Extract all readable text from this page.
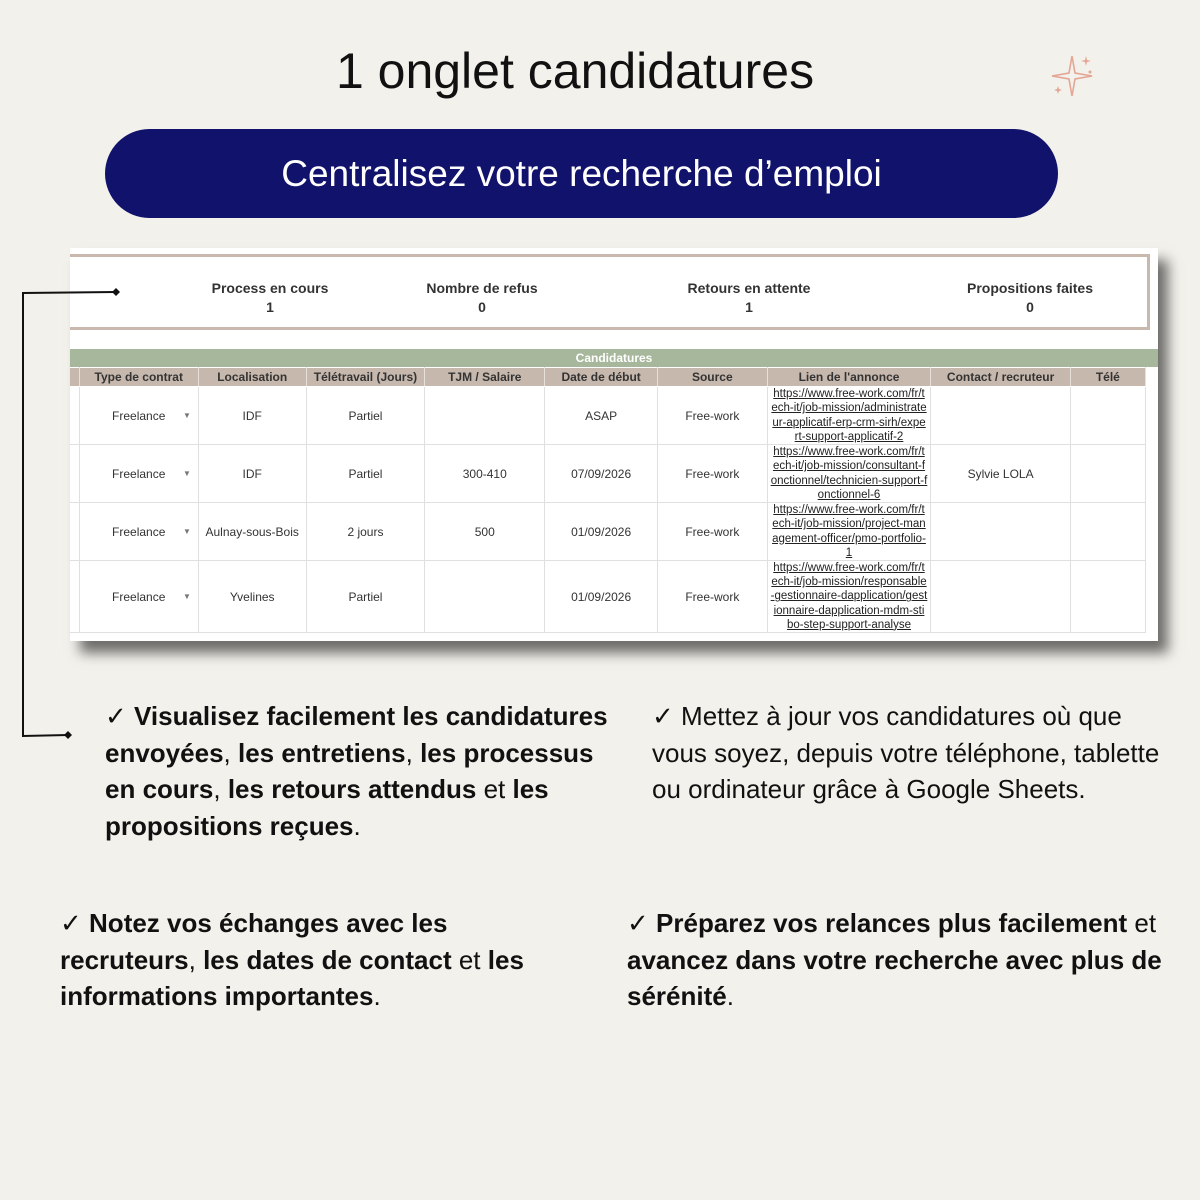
1 onglet candidatures
Centralisez votre recherche d’emploi
Process en cours
1
Nombre de refus
0
Retours en attente
1
Propositions faites
0
Candidatures
	Type de contrat	Localisation	Télétravail (Jours)	TJM / Salaire	Date de début	Source	Lien de l'annonce	Contact / recruteur	Télé

	Freelance ▼	IDF	Partiel		ASAP	Free-work	https://www.free-work.com/fr/tech-it/job-mission/administrateur-applicatif-erp-crm-sirh/expert-support-applicatif-2		

	Freelance ▼	IDF	Partiel	300-410	07/09/2026	Free-work	https://www.free-work.com/fr/tech-it/job-mission/consultant-fonctionnel/technicien-support-fonctionnel-6	Sylvie LOLA	

	Freelance ▼	Aulnay-sous-Bois	2 jours	500	01/09/2026	Free-work	https://www.free-work.com/fr/tech-it/job-mission/project-management-officer/pmo-portfolio-1		

	Freelance ▼	Yvelines	Partiel		01/09/2026	Free-work	https://www.free-work.com/fr/tech-it/job-mission/responsable-gestionnaire-dapplication/gestionnaire-dapplication-mdm-stibo-step-support-analyse		
✓ Visualisez facilement les candidatures envoyées, les entretiens, les processus en cours, les retours attendus et les propositions reçues.
✓ Mettez à jour vos candidatures où que vous soyez, depuis votre téléphone, tablette ou ordinateur grâce à Google Sheets.
✓ Notez vos échanges avec les recruteurs, les dates de contact et les informations importantes.
✓ Préparez vos relances plus facilement et avancez dans votre recherche avec plus de sérénité.
